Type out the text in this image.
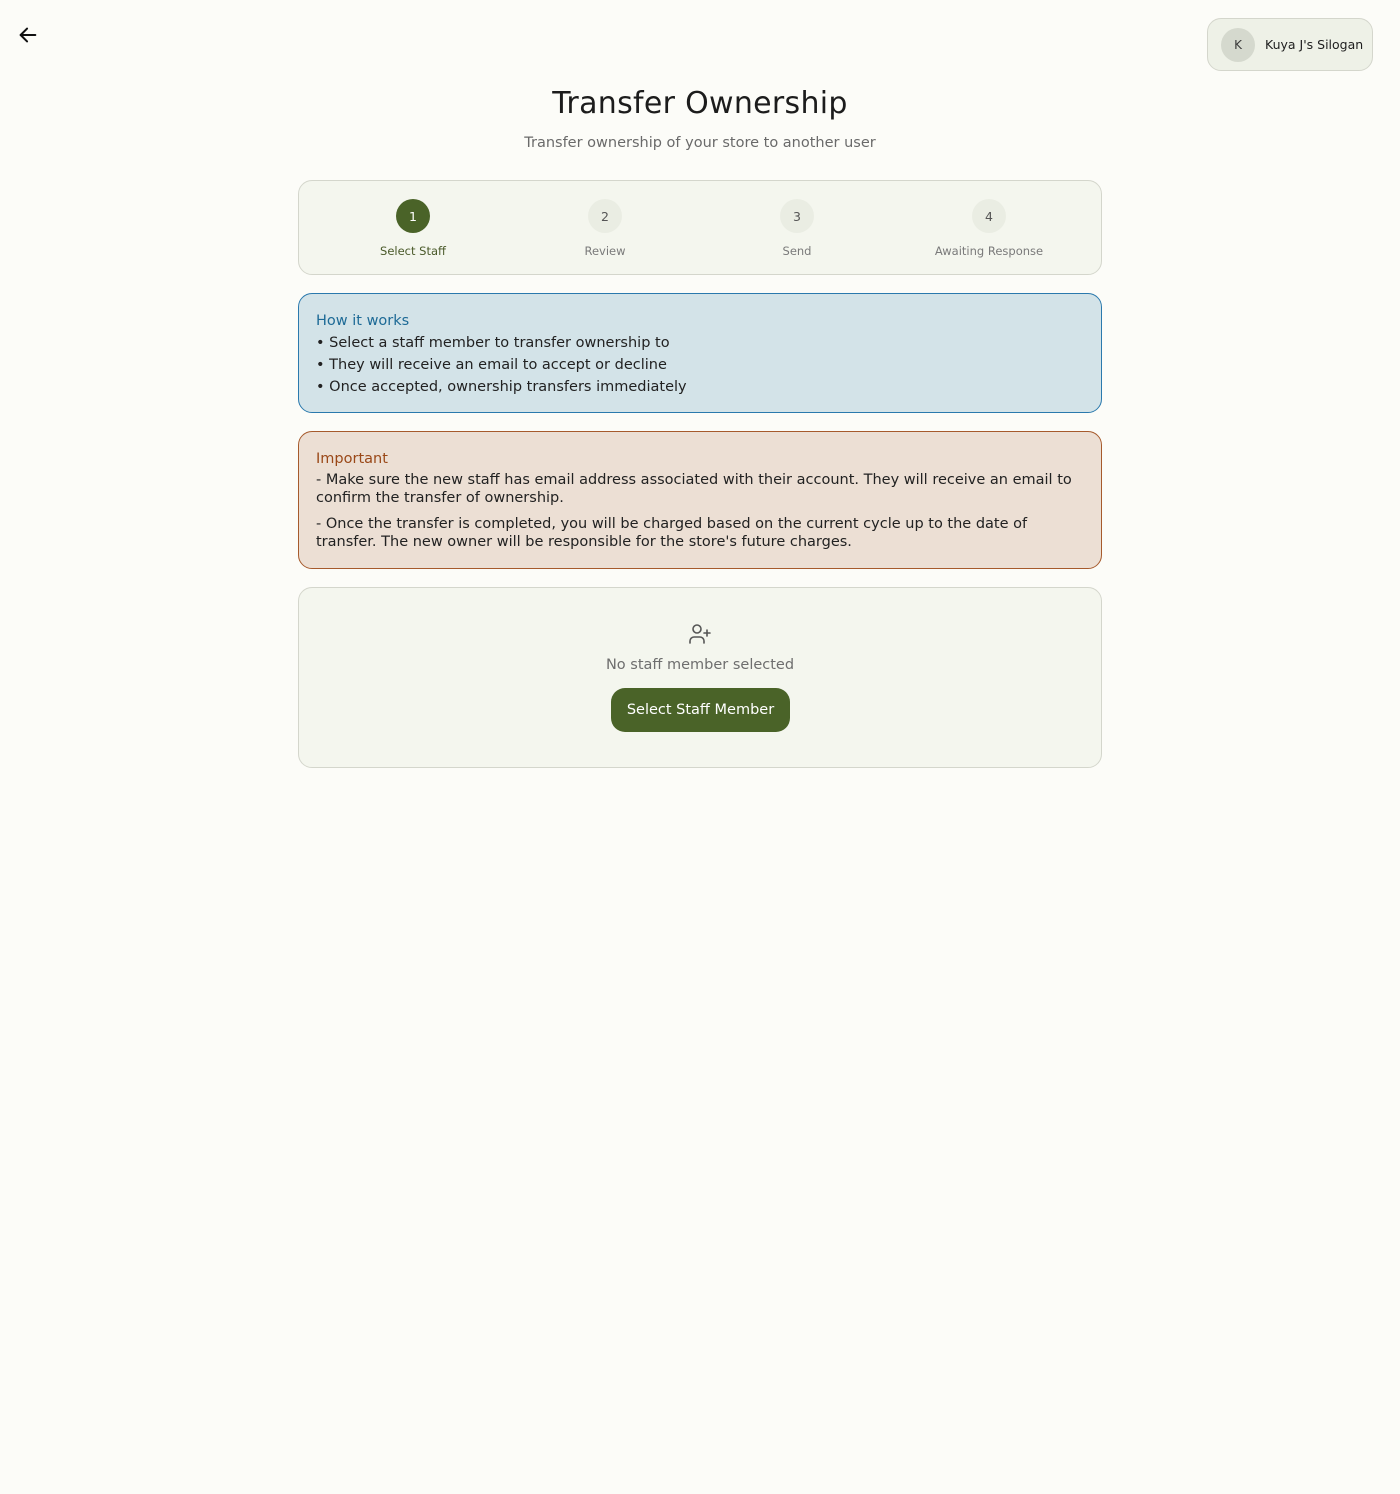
K	Kuya J's Silogan
Transfer Ownership

Transfer ownership of your store to another user

1
Select Staff
2
Review
3
Send
4
Awaiting Response
How it works
• Select a staff member to transfer ownership to
• They will receive an email to accept or decline
• Once accepted, ownership transfers immediately
Important
- Make sure the new staff has email address associated with their account. They will receive an email to confirm the transfer of ownership.
- Once the transfer is completed, you will be charged based on the current cycle up to the date of transfer. The new owner will be responsible for the store's future charges.
No staff member selected
Select Staff Member
